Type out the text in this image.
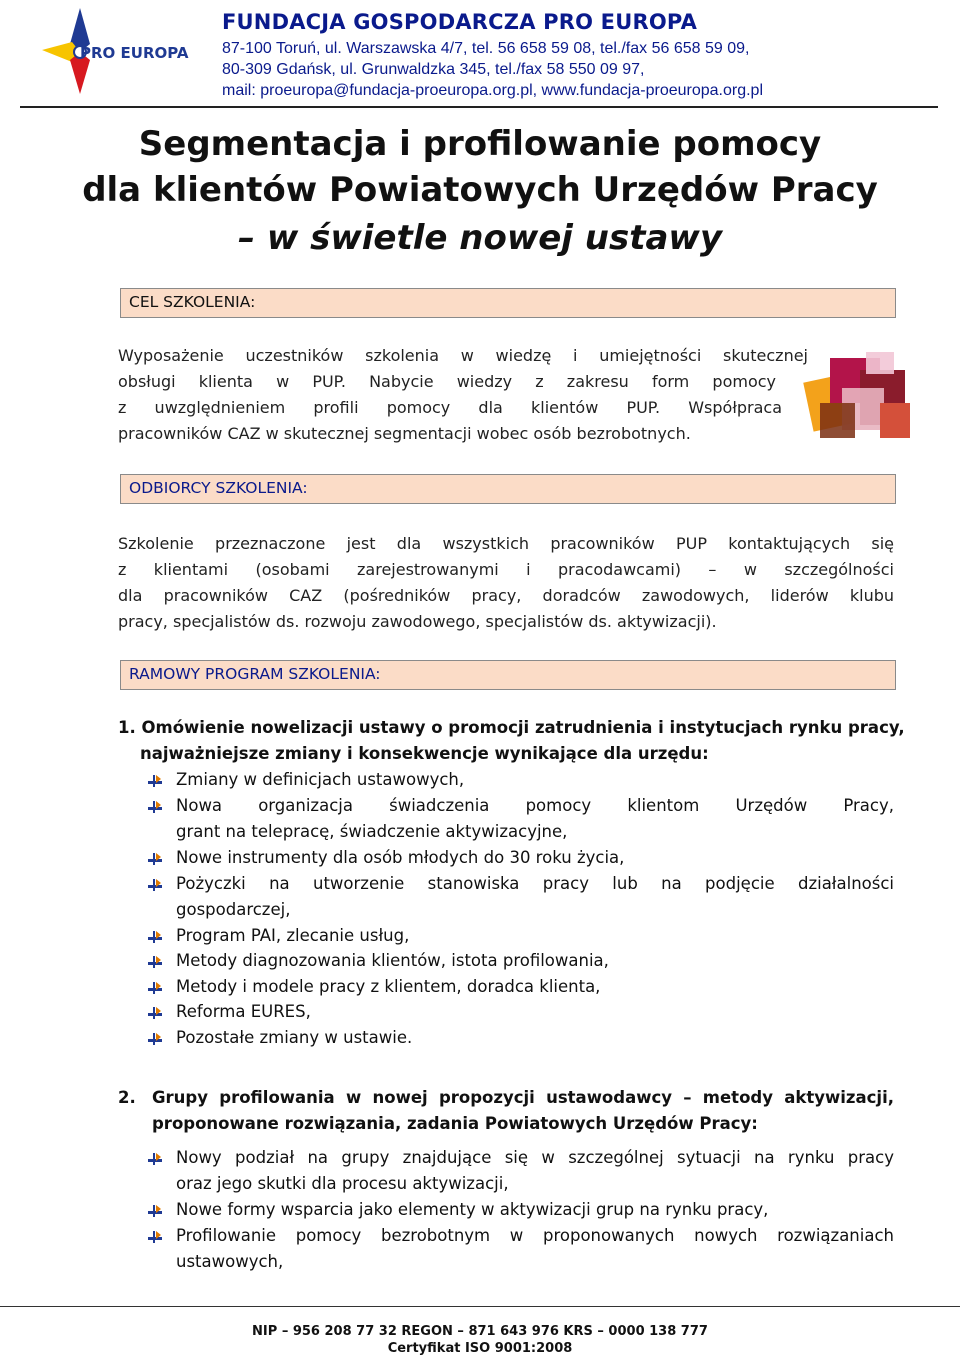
PRO EUROPA
FUNDACJA GOSPODARCZA PRO EUROPA
87-100 Toruń, ul. Warszawska 4/7, tel. 56 658 59 08, tel./fax 56 658 59 09,
80-309 Gdańsk, ul. Grunwaldzka 345, tel./fax 58 550 09 97,
mail: proeuropa@fundacja-proeuropa.org.pl, www.fundacja-proeuropa.org.pl
Segmentacja i profilowanie pomocy
dla klientów Powiatowych Urzędów Pracy
– w świetle nowej ustawy
CEL SZKOLENIA:
Wyposażenie uczestników szkolenia w wiedzę i umiejętności skutecznej
obsługi klienta w PUP. Nabycie wiedzy z zakresu form pomocy
z uwzględnieniem profili pomocy dla klientów PUP. Współpraca
pracowników CAZ w skutecznej segmentacji wobec osób bezrobotnych.
ODBIORCY SZKOLENIA:
Szkolenie przeznaczone jest dla wszystkich pracowników PUP kontaktujących się
z klientami (osobami zarejestrowanymi i pracodawcami) – w szczególności
dla pracowników CAZ (pośredników pracy, doradców zawodowych, liderów klubu
pracy, specjalistów ds. rozwoju zawodowego, specjalistów ds. aktywizacji).
RAMOWY PROGRAM SZKOLENIA:
1. Omówienie nowelizacji ustawy o promocji zatrudnienia i instytucjach rynku pracy,
najważniejsze zmiany i konsekwencje wynikające dla urzędu:
Zmiany w definicjach ustawowych,
Nowa organizacja świadczenia pomocy klientom Urzędów Pracy,
grant na telepracę, świadczenie aktywizacyjne,
Nowe instrumenty dla osób młodych do 30 roku życia,
Pożyczki na utworzenie stanowiska pracy lub na podjęcie działalności
gospodarczej,
Program PAI, zlecanie usług,
Metody diagnozowania klientów, istota profilowania,
Metody i modele pracy z klientem, doradca klienta,
Reforma EURES,
Pozostałe zmiany w ustawie.
2. Grupy profilowania w nowej propozycji ustawodawcy – metody aktywizacji,
proponowane rozwiązania, zadania Powiatowych Urzędów Pracy:
Nowy podział na grupy znajdujące się w szczególnej sytuacji na rynku pracy
oraz jego skutki dla procesu aktywizacji,
Nowe formy wsparcia jako elementy w aktywizacji grup na rynku pracy,
Profilowanie pomocy bezrobotnym w proponowanych nowych rozwiązaniach
ustawowych,
NIP – 956 208 77 32 REGON – 871 643 976 KRS – 0000 138 777
Certyfikat ISO 9001:2008
